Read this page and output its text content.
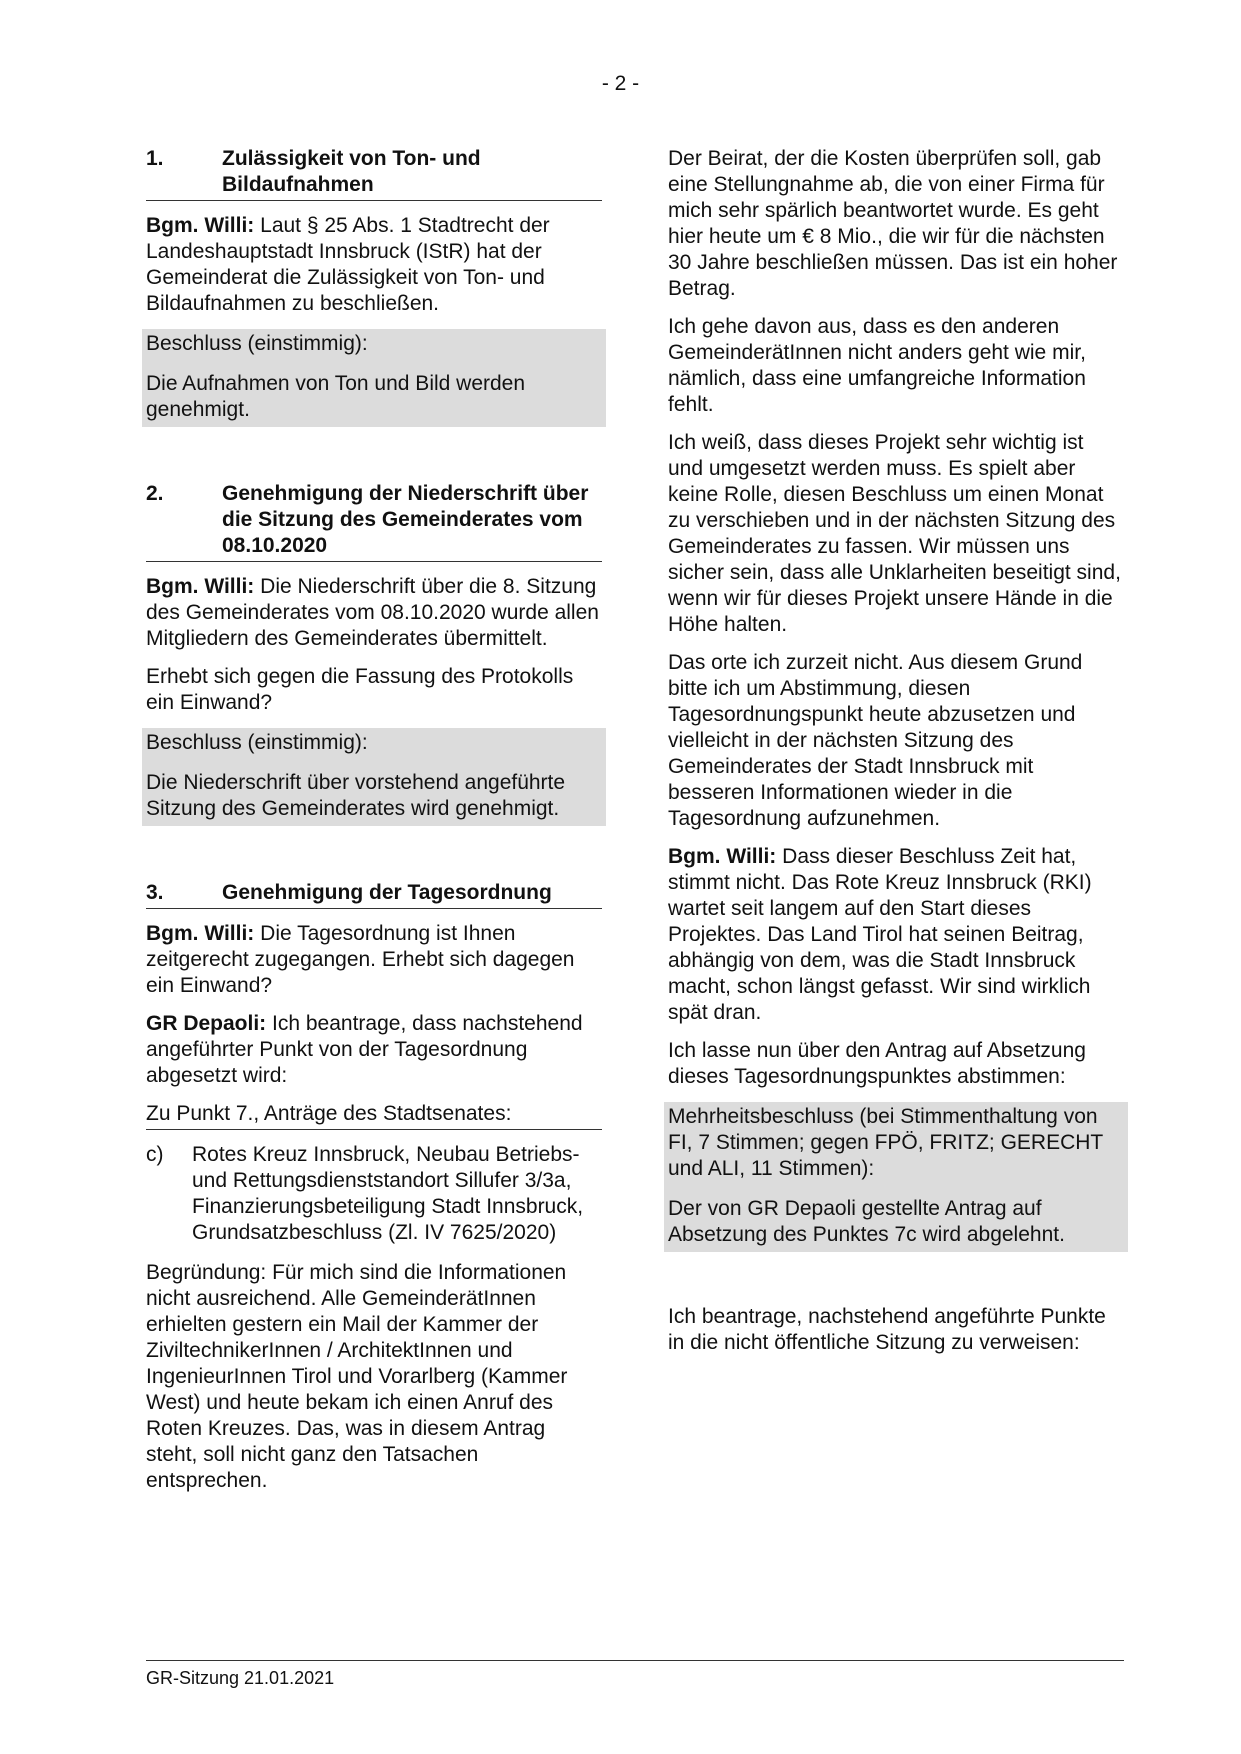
- 2 -
1.	Zulässigkeit von Ton- und Bildaufnahmen

Bgm. Willi: Laut § 25 Abs. 1 Stadtrecht der Landeshauptstadt Innsbruck (IStR) hat der Gemeinderat die Zulässigkeit von Ton- und Bildaufnahmen zu beschließen.

Beschluss (einstimmig):

Die Aufnahmen von Ton und Bild werden genehmigt.

2.	Genehmigung der Niederschrift über die Sitzung des Gemeinderates vom 08.10.2020

Bgm. Willi: Die Niederschrift über die 8. Sitzung des Gemeinderates vom 08.10.2020 wurde allen Mitgliedern des Gemeinderates übermittelt.

Erhebt sich gegen die Fassung des Protokolls ein Einwand?

Beschluss (einstimmig):

Die Niederschrift über vorstehend angeführte Sitzung des Gemeinderates wird genehmigt.

3.	Genehmigung der Tagesordnung

Bgm. Willi: Die Tagesordnung ist Ihnen zeitgerecht zugegangen. Erhebt sich dagegen ein Einwand?

GR Depaoli: Ich beantrage, dass nachstehend angeführter Punkt von der Tagesordnung abgesetzt wird:

Zu Punkt 7., Anträge des Stadtsenates:

c)	Rotes Kreuz Innsbruck, Neubau Betriebs- und Rettungsdienststandort Sillufer 3/3a, Finanzierungsbeteiligung Stadt Innsbruck, Grundsatzbeschluss (Zl. IV 7625/2020)

Begründung: Für mich sind die Informationen nicht ausreichend. Alle GemeinderätInnen erhielten gestern ein Mail der Kammer der ZiviltechnikerInnen / ArchitektInnen und IngenieurInnen Tirol und Vorarlberg (Kammer West) und heute bekam ich einen Anruf des Roten Kreuzes. Das, was in diesem Antrag steht, soll nicht ganz den Tatsachen entsprechen.

Der Beirat, der die Kosten überprüfen soll, gab eine Stellungnahme ab, die von einer Firma für mich sehr spärlich beantwortet wurde. Es geht hier heute um € 8 Mio., die wir für die nächsten 30 Jahre beschließen müssen. Das ist ein hoher Betrag.

Ich gehe davon aus, dass es den anderen GemeinderätInnen nicht anders geht wie mir, nämlich, dass eine umfangreiche Information fehlt.

Ich weiß, dass dieses Projekt sehr wichtig ist und umgesetzt werden muss. Es spielt aber keine Rolle, diesen Beschluss um einen Monat zu verschieben und in der nächsten Sitzung des Gemeinderates zu fassen. Wir müssen uns sicher sein, dass alle Unklarheiten beseitigt sind, wenn wir für dieses Projekt unsere Hände in die Höhe halten.

Das orte ich zurzeit nicht. Aus diesem Grund bitte ich um Abstimmung, diesen Tagesordnungspunkt heute abzusetzen und vielleicht in der nächsten Sitzung des Gemeinderates der Stadt Innsbruck mit besseren Informationen wieder in die Tagesordnung aufzunehmen.

Bgm. Willi: Dass dieser Beschluss Zeit hat, stimmt nicht. Das Rote Kreuz Innsbruck (RKI) wartet seit langem auf den Start dieses Projektes. Das Land Tirol hat seinen Beitrag, abhängig von dem, was die Stadt Innsbruck macht, schon längst gefasst. Wir sind wirklich spät dran.

Ich lasse nun über den Antrag auf Absetzung dieses Tagesordnungspunktes abstimmen:

Mehrheitsbeschluss (bei Stimmenthaltung von FI, 7 Stimmen; gegen FPÖ, FRITZ; GERECHT und ALI, 11 Stimmen):

Der von GR Depaoli gestellte Antrag auf Absetzung des Punktes 7c wird abgelehnt.

Ich beantrage, nachstehend angeführte Punkte in die nicht öffentliche Sitzung zu verweisen:

GR-Sitzung 21.01.2021
